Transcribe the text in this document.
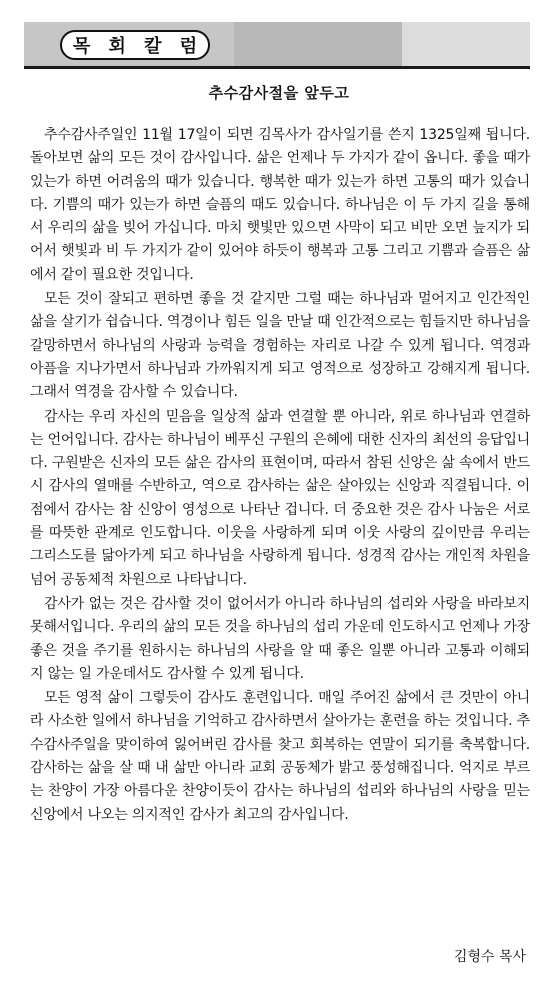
목 회 칼 럼
추수감사절을 앞두고

추수감사주일인 11월 17일이 되면 김목사가 감사일기를 쓴지 1325일째 됩니다. 돌아보면 삶의 모든 것이 감사입니다. 삶은 언제나 두 가지가 같이 옵니다. 좋을 때가 있는가 하면 어려움의 때가 있습니다. 행복한 때가 있는가 하면 고통의 때가 있습니다. 기쁨의 때가 있는가 하면 슬픔의 때도 있습니다. 하나님은 이 두 가지 길을 통해서 우리의 삶을 빚어 가십니다. 마치 햇빛만 있으면 사막이 되고 비만 오면 늪지가 되어서 햇빛과 비 두 가지가 같이 있어야 하듯이 행복과 고통 그리고 기쁨과 슬픔은 삶에서 같이 필요한 것입니다.

모든 것이 잘되고 편하면 좋을 것 같지만 그럴 때는 하나님과 멀어지고 인간적인 삶을 살기가 쉽습니다. 역경이나 힘든 일을 만날 때 인간적으로는 힘들지만 하나님을 갈망하면서 하나님의 사랑과 능력을 경험하는 자리로 나갈 수 있게 됩니다. 역경과 아픔을 지나가면서 하나님과 가까워지게 되고 영적으로 성장하고 강해지게 됩니다. 그래서 역경을 감사할 수 있습니다.

감사는 우리 자신의 믿음을 일상적 삶과 연결할 뿐 아니라, 위로 하나님과 연결하는 언어입니다. 감사는 하나님이 베푸신 구원의 은혜에 대한 신자의 최선의 응답입니다. 구원받은 신자의 모든 삶은 감사의 표현이며, 따라서 참된 신앙은 삶 속에서 반드시 감사의 열매를 수반하고, 역으로 감사하는 삶은 살아있는 신앙과 직결됩니다. 이 점에서 감사는 참 신앙이 영성으로 나타난 겁니다. 더 중요한 것은 감사 나눔은 서로를 따뜻한 관계로 인도합니다. 이웃을 사랑하게 되며 이웃 사랑의 깊이만큼 우리는 그리스도를 닮아가게 되고 하나님을 사랑하게 됩니다. 성경적 감사는 개인적 차원을 넘어 공동체적 차원으로 나타납니다.

감사가 없는 것은 감사할 것이 없어서가 아니라 하나님의 섭리와 사랑을 바라보지 못해서입니다. 우리의 삶의 모든 것을 하나님의 섭리 가운데 인도하시고 언제나 가장 좋은 것을 주기를 원하시는 하나님의 사랑을 알 때 좋은 일뿐 아니라 고통과 이해되지 않는 일 가운데서도 감사할 수 있게 됩니다.

모든 영적 삶이 그렇듯이 감사도 훈련입니다. 매일 주어진 삶에서 큰 것만이 아니라 사소한 일에서 하나님을 기억하고 감사하면서 살아가는 훈련을 하는 것입니다. 추수감사주일을 맞이하여 잃어버린 감사를 찾고 회복하는 연말이 되기를 축복합니다. 감사하는 삶을 살 때 내 삶만 아니라 교회 공동체가 밝고 풍성해집니다. 억지로 부르는 찬양이 가장 아름다운 찬양이듯이 감사는 하나님의 섭리와 하나님의 사랑을 믿는 신앙에서 나오는 의지적인 감사가 최고의 감사입니다.

김형수 목사
